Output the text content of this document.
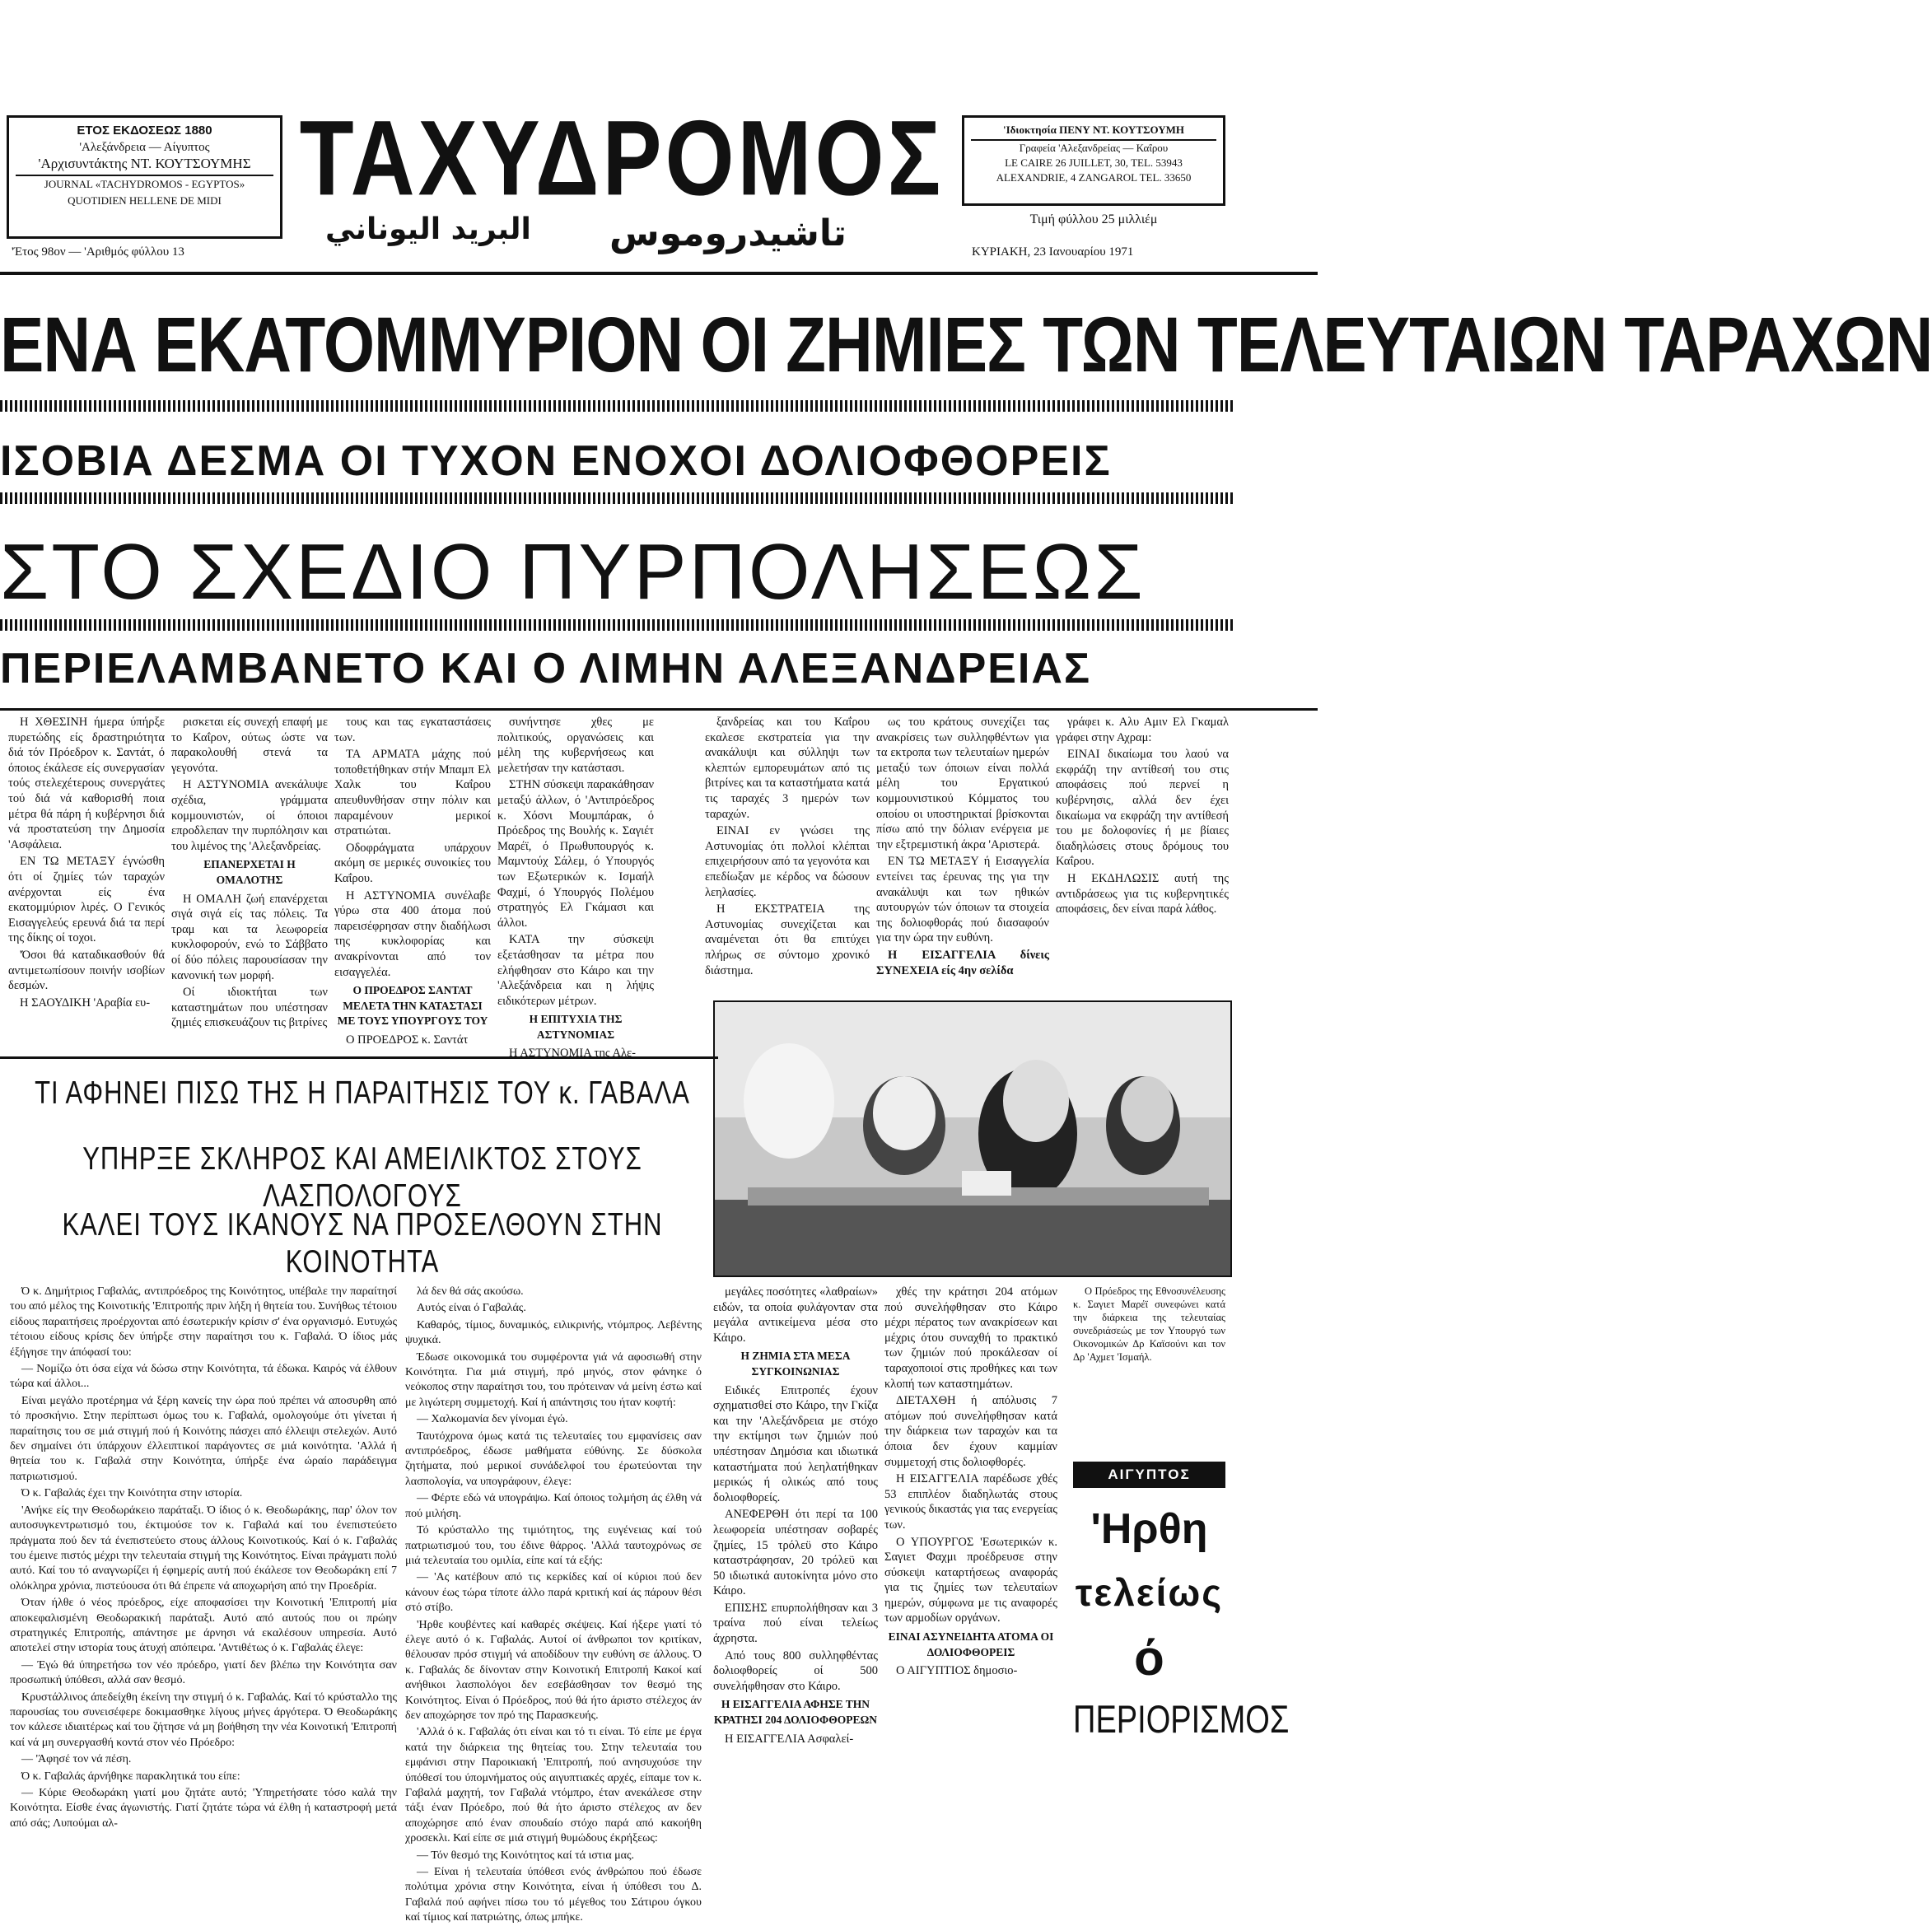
ΕΤΟΣ ΕΚΔΟΣΕΩΣ 1880
'Αλεξάνδρεια — Αίγυπτος
'Αρχισυντάκτης ΝΤ. ΚΟΥΤΣΟΥΜΗΣ
JOURNAL «TACHYDROMOS - EGYPTOS»
QUOTIDIEN HELLENE DE MIDI
'Έτος 98ον — 'Αριθμός φύλλου 13
ΤΑΧΥΔΡΟΜΟΣ
البريد اليوناني تاشيدروموس
'Ιδιοκτησία ΠΕΝΥ ΝΤ. ΚΟΥΤΣΟΥΜΗ
Γραφεία 'Αλεξανδρείας — Καΐρου
LE CAIRE 26 JUILLET, 30, TEL. 53943
ALEXANDRIE, 4 ZANGAROL TEL. 33650
Τιμή φύλλου 25 μιλλιέμ
ΚΥΡΙΑΚΗ, 23 Ιανουαρίου 1971
ΕΝΑ ΕΚΑΤΟΜΜΥΡΙΟΝ ΟΙ ΖΗΜΙΕΣ ΤΩΝ ΤΕΛΕΥΤΑΙΩΝ ΤΑΡΑΧΩΝ
ΙΣΟΒΙΑ ΔΕΣΜΑ ΟΙ ΤΥΧΟΝ ΕΝΟΧΟΙ ΔΟΛΙΟΦΘΟΡΕΙΣ
ΣΤΟ ΣΧΕΔΙΟ ΠΥΡΠΟΛΗΣΕΩΣ
ΠΕΡΙΕΛΑΜΒΑΝΕΤΟ ΚΑΙ Ο ΛΙΜΗΝ ΑΛΕΞΑΝΔΡΕΙΑΣ

Η ΧΘΕΣΙΝΗ ήμερα ύπήρξε πυρετώδης είς δραστηριότητα διά τόν Πρόεδρον κ. Σαντάτ, ό όποιος έκάλεσε είς συνεργασίαν τούς στελεχέτερους συνεργάτες τού διά νά καθορισθή ποια μέτρα θά πάρη ή κυβέρνησι διά νά προστατεύση την Δημοσία 'Ασφάλεια.

ΕΝ ΤΩ ΜΕΤΑΞΥ έγνώσθη ότι οί ζημίες τών ταραχών ανέρχονται είς ένα εκατομμύριον λιρές. Ο Γενικός Εισαγγελεύς ερευνά διά τα περί της δίκης οί τοχοι.

'Όσοι θά καταδικασθούν θά αντιμετωπίσουν ποινήν ισοβίων δεσμών.

Η ΣΑΟΥΔΙΚΗ 'Αραβία ευ-

ρισκεται είς συνεχή επαφή με το Καΐρον, ούτως ώστε να παρακολουθή στενά τα γεγονότα.

Η ΑΣΤΥΝΟΜΙΑ ανεκάλυψε σχέδια, γράμματα κομμουνιστών, οί όποιοι επροδλεπαν την πυρπόλησιν και του λιμένος της 'Αλεξανδρείας.

ΕΠΑΝΕΡΧΕΤΑΙ Η ΟΜΑΛΟΤΗΣ

Η ΟΜΑΛΗ ζωή επανέρχεται σιγά σιγά είς τας πόλεις. Τα τραμ και τα λεωφορεία κυκλοφορούν, ενώ το Σάββατο οί δύο πόλεις παρουσίασαν την κανονική των μορφή.

Οί ιδιοκτήται των καταστημάτων που υπέστησαν ζημιές επισκευάζουν τις βιτρίνες

τους και τας εγκαταστάσεις των.

ΤΑ ΑΡΜΑΤΑ μάχης πού τοποθετήθηκαν στήν Μπαμπ Ελ Χαλκ του Καΐρου απευθυνθήσαν στην πόλιν και παραμένουν μερικοί στρατιώται.

Οδοφράγματα υπάρχουν ακόμη σε μερικές συνοικίες του Καΐρου.

Η ΑΣΤΥΝΟΜΙΑ συνέλαβε γύρω στα 400 άτομα πού παρεισέφρησαν στην διαδήλωσι της κυκλοφορίας και ανακρίνονται από τον εισαγγελέα.

Ο ΠΡΟΕΔΡΟΣ ΣΑΝΤΑΤ ΜΕΛΕΤΑ ΤΗΝ ΚΑΤΑΣΤΑΣΙ ΜΕ ΤΟΥΣ ΥΠΟΥΡΓΟΥΣ ΤΟΥ

Ο ΠΡΟΕΔΡΟΣ κ. Σαντάτ

συνήντησε χθες με πολιτικούς, οργανώσεις και μέλη της κυβερνήσεως και μελετήσαν την κατάστασι.

ΣΤΗΝ σύσκεψι παρακάθησαν μεταξύ άλλων, ό 'Αντιπρόεδρος κ. Χόσνι Μουμπάρακ, ό Πρόεδρος της Βουλής κ. Σαγιέτ Μαρέϊ, ό Πρωθυπουργός κ. Μαμντούχ Σάλεμ, ό Υπουργός των Εξωτερικών κ. Ισμαήλ Φαχμί, ό Υπουργός Πολέμου στρατηγός Ελ Γκάμασι και άλλοι.

ΚΑΤΑ την σύσκεψι εξετάσθησαν τα μέτρα που ελήφθησαν στο Κάιρο και την 'Αλεξάνδρεια και η λήψις ειδικότερων μέτρων.

Η ΕΠΙΤΥΧΙΑ ΤΗΣ ΑΣΤΥΝΟΜΙΑΣ

Η ΑΣΤΥΝΟΜΙΑ της Αλε-

ξανδρείας και του Καΐρου εκαλεσε εκστρατεία για την ανακάλυψι και σύλληψι των κλεπτών εμπορευμάτων από τις βιτρίνες και τα καταστήματα κατά τις ταραχές 3 ημερών των ταραχών.

ΕΙΝΑΙ εν γνώσει της Αστυνομίας ότι πολλοί κλέπται επιχειρήσουν από τα γεγονότα και επεδίωξαν με κέρδος να δώσουν λεηλασίες.

Η ΕΚΣΤΡΑΤΕΙΑ της Αστυνομίας συνεχίζεται και αναμένεται ότι θα επιτύχει πλήρως σε σύντομο χρονικό διάστημα.

ως του κράτους συνεχίζει τας ανακρίσεις των συλληφθέντων για τα εκτροπα των τελευταίων ημερών μεταξύ των όποιων είναι πολλά μέλη του Εργατικού κομμουνιστικού Κόμματος του οποίου οι υποστηρικταί βρίσκονται πίσω από την δόλιαν ενέργεια με την εξτρεμιστική άκρα 'Αριστερά.

ΕΝ ΤΩ ΜΕΤΑΞΥ ή Εισαγγελία εντείνει τας έρευνας της για την ανακάλυψι και των ηθικών αυτουργών τών όποιων τα στοιχεία της δολιοφθοράς πού διασαφούν για την ώρα την ευθύνη.

Η ΕΙΣΑΓΓΕΛΙΑ δίνεις ΣΥΝΕΧΕΙΑ είς 4ην σελίδα

γράφει κ. Αλυ Αμιν Ελ Γκαμαλ γράφει στην Αχραμ:

ΕΙΝΑΙ δικαίωμα του λαού να εκφράζη την αντίθεσή του στις αποφάσεις πού περνεί η κυβέρνησις, αλλά δεν έχει δικαίωμα να εκφράζη την αντίθεσή του με δολοφονίες ή με βίαιες διαδηλώσεις στους δρόμους του Καΐρου.

Η ΕΚΔΗΛΩΣΙΣ αυτή της αντιδράσεως για τις κυβερνητικές αποφάσεις, δεν είναι παρά λάθος.

ΤΙ ΑΦΗΝΕΙ ΠΙΣΩ ΤΗΣ Η ΠΑΡΑΙΤΗΣΙΣ ΤΟΥ κ. ΓΑΒΑΛΑ
ΥΠΗΡΞΕ ΣΚΛΗΡΟΣ ΚΑΙ ΑΜΕΙΛΙΚΤΟΣ ΣΤΟΥΣ ΛΑΣΠΟΛΟΓΟΥΣ
ΚΑΛΕΙ ΤΟΥΣ ΙΚΑΝΟΥΣ ΝΑ ΠΡΟΣΕΛΘΟΥΝ ΣΤΗΝ ΚΟΙΝΟΤΗΤΑ

Ό κ. Δημήτριος Γαβαλάς, αντιπρόεδρος της Κοινότητος, υπέβαλε την παραίτησί του από μέλος της Κοινοτικής 'Επιτροπής πριν λήξη ή θητεία του. Συνήθως τέτοιου είδους παραιτήσεις προέρχονται από έσωτερικήν κρίσιν σ' ένα οργανισμό. Ευτυχώς τέτοιου είδους κρίσις δεν ύπήρξε στην παραίτησι του κ. Γαβαλά. Ό ίδιος μάς έξήγησε την άπόφασί του:

— Νομίζω ότι όσα είχα νά δώσω στην Κοινότητα, τά έδωκα. Καιρός νά έλθουν τώρα καί άλλοι...

Είναι μεγάλο προτέρημα νά ξέρη κανείς την ώρα πού πρέπει νά αποσυρθη από τό προσκήνιο. Στην περίπτωσι όμως του κ. Γαβαλά, ομολογούμε ότι γίνεται ή παραίτησις του σε μιά στιγμή πού ή Κοινότης πάσχει από έλλειψι στελεχών. Αυτό δεν σημαίνει ότι ύπάρχουν έλλειπτικοί παράγοντες σε μιά κοινότητα. 'Αλλά ή θητεία του κ. Γαβαλά στην Κοινότητα, ύπήρξε ένα ώραίο παράδειγμα πατριωτισμού.

Ό κ. Γαβαλάς έχει την Κοινότητα στην ιστορία.

'Ανήκε είς την Θεοδωράκειο παράταξι. Ό ίδιος ό κ. Θεοδωράκης, παρ' όλον τον αυτοσυγκεντρωτισμό του, έκτιμούσε τον κ. Γαβαλά καί του ένεπιστεύετο πράγματα πού δεν τά ένεπιστεύετο στους άλλους Κοινοτικούς. Καί ό κ. Γαβαλάς του έμεινε πιστός μέχρι την τελευταία στιγμή της Κοινότητος. Είναι πράγματι πολύ αυτό. Καί του τό αναγνωρίζει ή έφημερίς αυτή πού έκάλεσε τον Θεοδωράκη επί 7 ολόκληρα χρόνια, πιστεύουσα ότι θά έπρεπε νά αποχωρήση από την Προεδρία.

Όταν ήλθε ό νέος πρόεδρος, είχε αποφασίσει την Κοινοτική 'Επιτροπή μία αποκεφαλισμένη Θεοδωρακική παράταξι. Αυτό από αυτούς που οι πρώην στρατηγικές Επιτροπής, απάντησε με άρνησι νά εκαλέσουν υπηρεσία. Αυτό αποτελεί στην ιστορία τους άτυχή απόπειρα. 'Αντιθέτως ό κ. Γαβαλάς έλεγε:

— Έγώ θά ύπηρετήσω τον νέο πρόεδρο, γιατί δεν βλέπω την Κοινότητα σαν προσωπική ύπόθεσι, αλλά σαν θεσμό.

Κρυστάλλινος άπεδείχθη έκείνη την στιγμή ό κ. Γαβαλάς. Καί τό κρύσταλλο της παρουσίας του συνεισέφερε δοκιμασθηκε λίγους μήνες άργότερα. Ό Θεοδωράκης τον κάλεσε ιδιαιτέρως καί του ζήτησε νά μη βοήθηση την νέα Κοινοτική 'Επιτροπή καί νά μη συνεργασθή κοντά στον νέο Πρόεδρο:

— 'Άφησέ τον νά πέση.

Ό κ. Γαβαλάς άρνήθηκε παρακλητικά του είπε:

— Κύριε Θεοδωράκη γιατί μου ζητάτε αυτό; 'Υπηρετήσατε τόσο καλά την Κοινότητα. Είσθε ένας άγωνιστής. Γιατί ζητάτε τώρα νά έλθη ή καταστροφή μετά από σάς; Λυπούμαι αλ-

λά δεν θά σάς ακούσω.

Αυτός είναι ό Γαβαλάς.

Καθαρός, τίμιος, δυναμικός, ειλικρινής, ντόμπρος. Λεβέντης ψυχικά.

Έδωσε οικονομικά του συμφέροντα γιά νά αφοσιωθή στην Κοινότητα. Για μιά στιγμή, πρό μηνός, στον φάνηκε ό νεόκοπος στην παραίτησι του, του πρότειναν νά μείνη έστω καί με λιγώτερη συμμετοχή. Καί ή απάντησις του ήταν κοφτή:

— Χαλκομανία δεν γίνομαι έγώ.

Ταυτόχρονα όμως κατά τις τελευταίες του εμφανίσεις σαν αντιπρόεδρος, έδωσε μαθήματα εύθύνης. Σε δύσκολα ζητήματα, πού μερικοί συνάδελφοί του έρωτεύονται την λασπολογία, να υπογράφουν, έλεγε:

— Φέρτε εδώ νά υπογράψω. Καί όποιος τολμήση άς έλθη νά πού μιλήση.

Τό κρύσταλλο της τιμιότητος, της ευγένειας καί τού πατριωτισμού του, του έδινε θάρρος. 'Αλλά ταυτοχρόνως σε μιά τελευταία του ομιλία, είπε καί τά εξής:

— 'Ας κατέβουν από τις κερκίδες καί οί κύριοι πού δεν κάνουν έως τώρα τίποτε άλλο παρά κριτική καί άς πάρουν θέσι στό στίβο.

'Ηρθε κουβέντες καί καθαρές σκέψεις. Καί ήξερε γιατί τό έλεγε αυτό ό κ. Γαβαλάς. Αυτοί οί άνθρωποι τον κριτίκαν, θέλουσαν πρόσ στιγμή νά αποδίδουν την ευθύνη σε άλλους. Ό κ. Γαβαλάς δε δίνονταν στην Κοινοτική Επιτροπή Κακοί καί ανήθικοι λασπολόγοι δεν εσεβάσθησαν τον θεσμό της Κοινότητος. Είναι ό Πρόεδρος, πού θά ήτο άριστο στέλεχος άν δεν αποχώρησε τον πρό της Παρασκευής.

'Αλλά ό κ. Γαβαλάς ότι είναι και τό τι είναι. Τό είπε με έργα κατά την διάρκεια της θητείας του. Στην τελευταία του εμφάνισι στην Παροικιακή 'Επιτροπή, πού ανησυχούσε την ύπόθεσί του ύπομνήματος ούς αιγυπτιακές αρχές, είπαμε τον κ. Γαβαλά μαχητή, τον Γαβαλά ντόμπρο, έταν ανεκάλεσε στην τάξι έναν Πρόεδρο, πού θά ήτο άριστο στέλεχος αν δεν αποχώρησε από έναν σπουδαίο στόχο παρά από κακοήθη χροσεκλι. Καί είπε σε μιά στιγμή θυμώδους έκρήξεως:

— Τόν θεσμό της Κοινότητος καί τά ιστια μας.

— Είναι ή τελευταία ύπόθεσι ενός άνθρώπου πού έδωσε πολύτιμα χρόνια στην Κοινότητα, είναι ή ύπόθεσι του Δ. Γαβαλά πού αφήνει πίσω του τό μέγεθος του Σάτιρου όγκου καί τίμιος καί πατριώτης, όπως μπήκε.

μεγάλες ποσότητες «λαθραίων» ειδών, τα οποία φυλάγονταν στα μεγάλα αντικείμενα μέσα στο Κάιρο.

Η ΖΗΜΙΑ ΣΤΑ ΜΕΣΑ ΣΥΓΚΟΙΝΩΝΙΑΣ

Ειδικές Επιτροπές έχουν σχηματισθεί στο Κάιρο, την Γκίζα και την 'Αλεξάνδρεια με στόχο την εκτίμησι των ζημιών πού υπέστησαν Δημόσια και ιδιωτικά καταστήματα πού λεηλατήθηκαν μερικώς ή ολικώς από τους δολιοφθορείς.

ΑΝΕΦΕΡΘΗ ότι περί τα 100 λεωφορεία υπέστησαν σοβαρές ζημίες, 15 τρόλεϋ στο Κάιρο καταστράφησαν, 20 τρόλεϋ και 50 ιδιωτικά αυτοκίνητα μόνο στο Κάιρο.

ΕΠΙΣΗΣ επυρπολήθησαν και 3 τραίνα πού είναι τελείως άχρηστα.

Από τους 800 συλληφθέντας δολιοφθορείς οί 500 συνελήφθησαν στο Κάιρο.

Η ΕΙΣΑΓΓΕΛΙΑ ΑΦΗΣΕ ΤΗΝ ΚΡΑΤΗΣΙ 204 ΔΟΛΙΟΦΘΟΡΕΩΝ

Η ΕΙΣΑΓΓΕΛΙΑ Ασφαλεί-

χθές την κράτησι 204 ατόμων πού συνελήφθησαν στο Κάιρο μέχρι πέρατος των ανακρίσεων και μέχρις ότου συναχθή το πρακτικό των ζημιών πού προκάλεσαν οί ταραχοποιοί στις προθήκες και των κλοπή των καταστημάτων.

ΔΙΕΤΑΧΘΗ ή απόλυσις 7 ατόμων πού συνελήφθησαν κατά την διάρκεια των ταραχών και τα όποια δεν έχουν καμμίαν συμμετοχή στις δολιοφθορές.

Η ΕΙΣΑΓΓΕΛΙΑ παρέδωσε χθές 53 επιπλέον διαδηλωτάς στους γενικούς δικαστάς για τας ενεργείας των.

Ο ΥΠΟΥΡΓΟΣ 'Εσωτερικών κ. Σαγιετ Φαχμι προέδρευσε στην σύσκεψι καταρτήσεως αναφοράς για τις ζημίες των τελευταίων ημερών, σύμφωνα με τις αναφορές των αρμοδίων οργάνων.

ΕΙΝΑΙ ΑΣΥΝΕΙΔΗΤΑ ΑΤΟΜΑ ΟΙ ΔΟΛΙΟΦΘΟΡΕΙΣ

Ο ΑΙΓΥΠΤΙΟΣ δημοσιο-

Ο Πρόεδρος της Εθνοσυνέλευσης κ. Σαγιετ Μαρέϊ συνεφώνει κατά την διάρκεια της τελευταίας συνεδριάσεώς με τον Υπουργό των Οικονομικών Δρ Καϊσούνι και τον Δρ 'Αχμετ 'Ισμαήλ.

ΑΙΓΥΠΤΟΣ
'Ηρθη
τελείως
ό
ΠΕΡΙΟΡΙΣΜΟΣ
